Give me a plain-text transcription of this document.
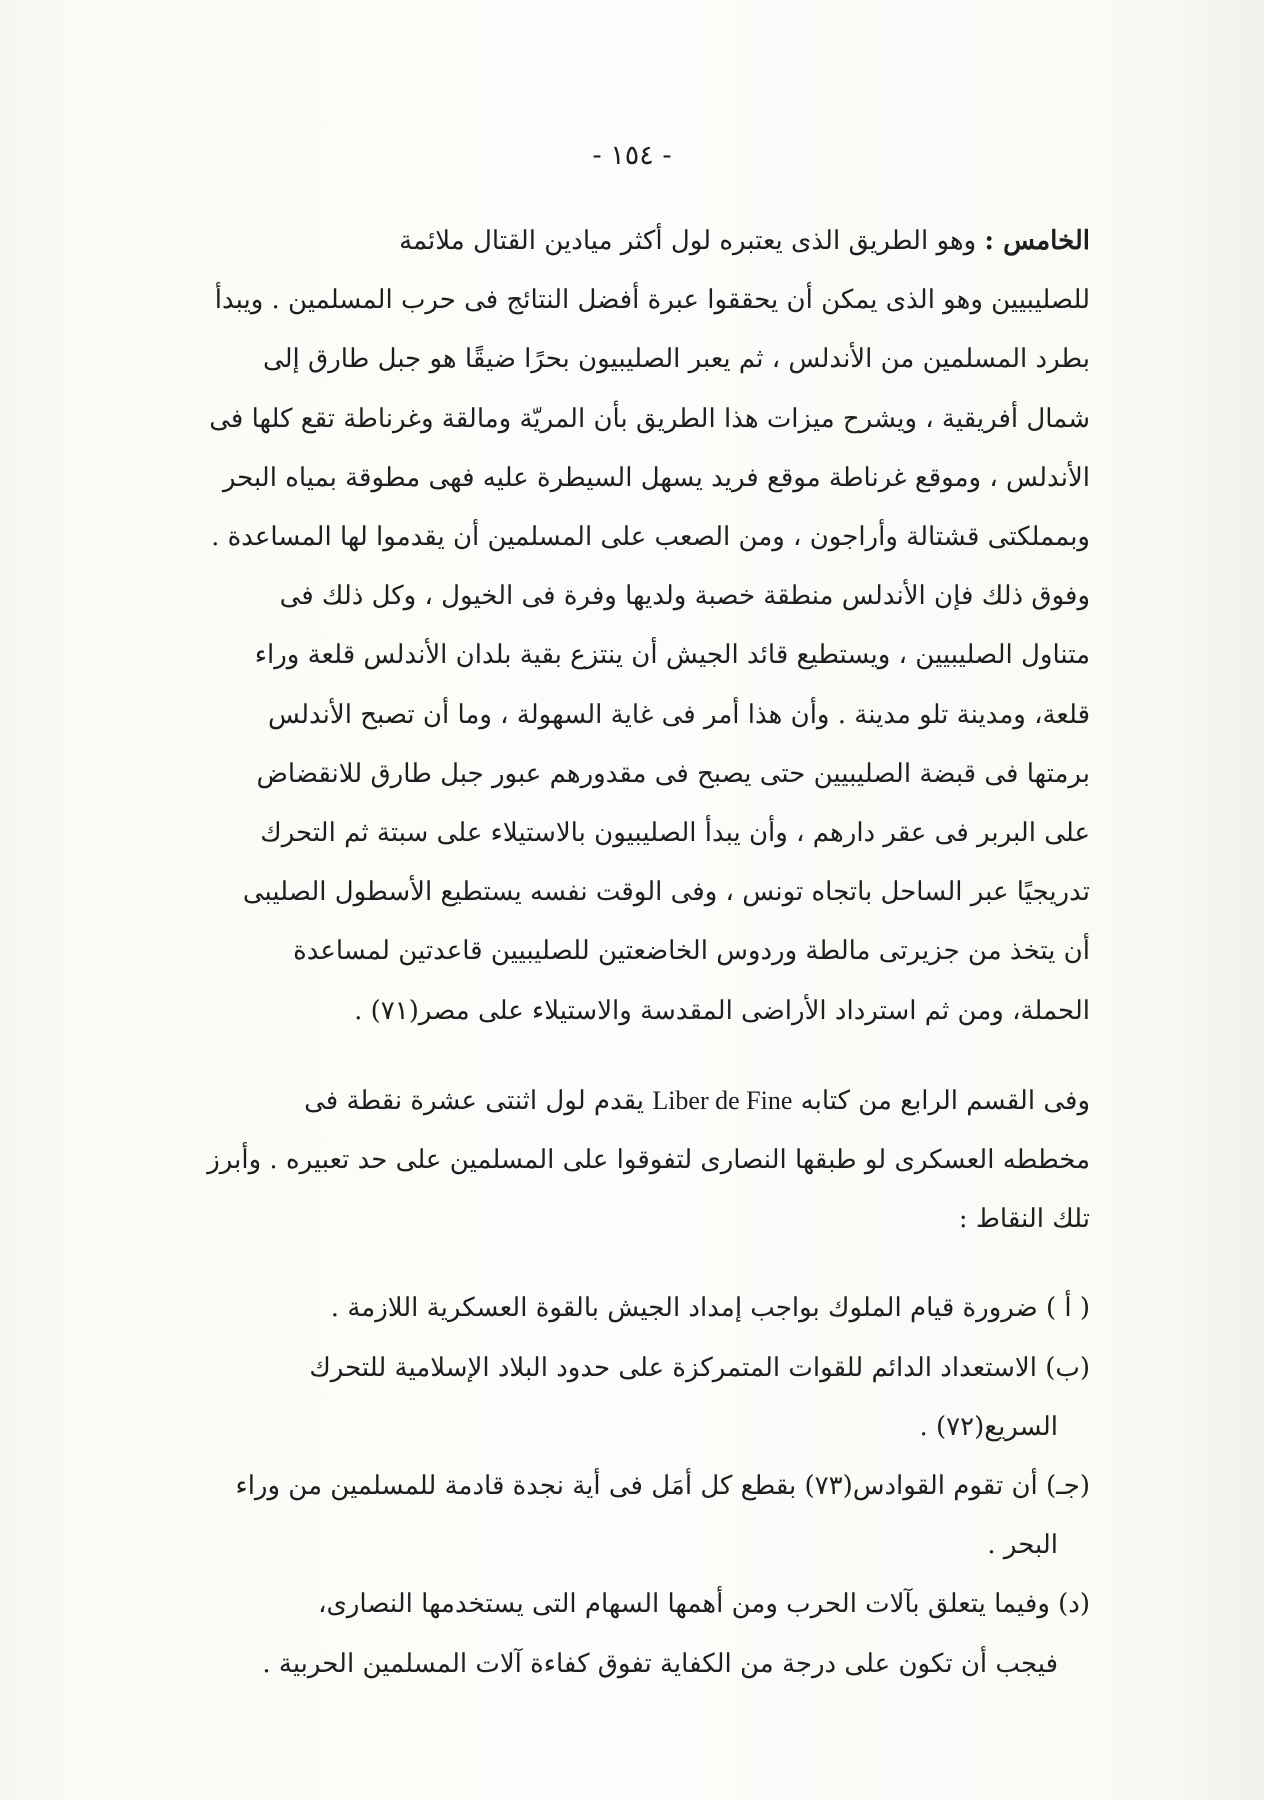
- ١٥٤ -
الخامس : وهو الطريق الذى يعتبره لول أكثر ميادين القتال ملائمة
للصليبيين وهو الذى يمكن أن يحققوا عبرة أفضل النتائج فى حرب المسلمين . ويبدأ
بطرد المسلمين من الأندلس ، ثم يعبر الصليبيون بحرًا ضيقًا هو جبل طارق إلى
شمال أفريقية ، ويشرح ميزات هذا الطريق بأن المريّة ومالقة وغرناطة تقع كلها فى
الأندلس ، وموقع غرناطة موقع فريد يسهل السيطرة عليه فهى مطوقة بمياه البحر
وبمملكتى قشتالة وأراجون ، ومن الصعب على المسلمين أن يقدموا لها المساعدة .
وفوق ذلك فإن الأندلس منطقة خصبة ولديها وفرة فى الخيول ، وكل ذلك فى
متناول الصليبيين ، ويستطيع قائد الجيش أن ينتزع بقية بلدان الأندلس قلعة وراء
قلعة، ومدينة تلو مدينة . وأن هذا أمر فى غاية السهولة ، وما أن تصبح الأندلس
برمتها فى قبضة الصليبيين حتى يصبح فى مقدورهم عبور جبل طارق للانقضاض
على البربر فى عقر دارهم ، وأن يبدأ الصليبيون بالاستيلاء على سبتة ثم التحرك
تدريجيًا عبر الساحل باتجاه تونس ، وفى الوقت نفسه يستطيع الأسطول الصليبى
أن يتخذ من جزيرتى مالطة وردوس الخاضعتين للصليبيين قاعدتين لمساعدة
الحملة، ومن ثم استرداد الأراضى المقدسة والاستيلاء على مصر(٧١) .
وفى القسم الرابع من كتابه Liber de Fine يقدم لول اثنتى عشرة نقطة فى
مخططه العسكرى لو طبقها النصارى لتفوقوا على المسلمين على حد تعبيره . وأبرز
تلك النقاط :
( أ ) ضرورة قيام الملوك بواجب إمداد الجيش بالقوة العسكرية اللازمة .
(ب) الاستعداد الدائم للقوات المتمركزة على حدود البلاد الإسلامية للتحرك
السريع(٧٢) .
(جـ) أن تقوم القوادس(٧٣) بقطع كل أمَل فى أية نجدة قادمة للمسلمين من وراء
البحر .
(د) وفيما يتعلق بآلات الحرب ومن أهمها السهام التى يستخدمها النصارى،
فيجب أن تكون على درجة من الكفاية تفوق كفاءة آلات المسلمين الحربية .
